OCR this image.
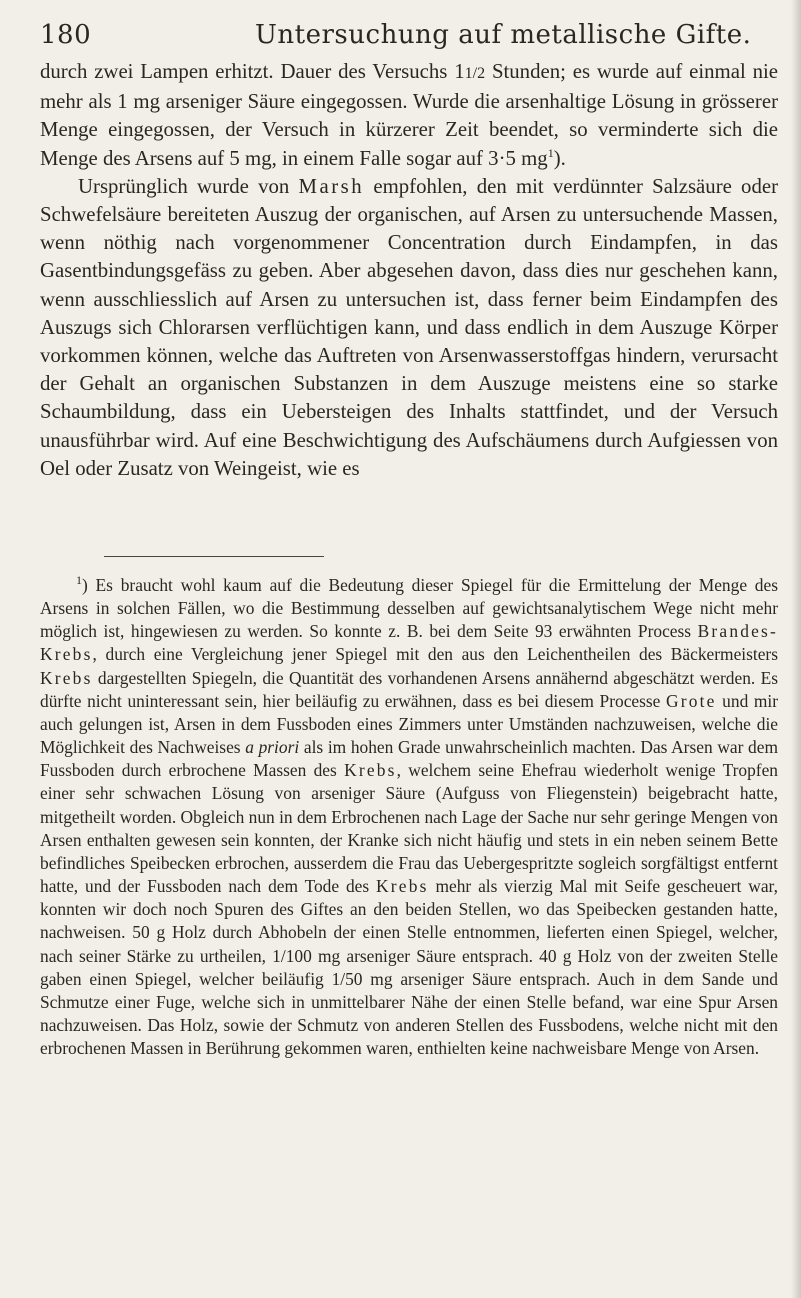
180	Untersuchung auf metallische Gifte.

durch zwei Lampen erhitzt. Dauer des Versuchs 11/2 Stunden; es wurde auf einmal nie mehr als 1 mg arseniger Säure eingegossen. Wurde die arsenhaltige Lösung in grösserer Menge eingegossen, der Versuch in kürzerer Zeit beendet, so verminderte sich die Menge des Arsens auf 5 mg, in einem Falle sogar auf 3·5 $mg^1$).

Ursprünglich wurde von Marsh empfohlen, den mit verdünnter Salzsäure oder Schwefelsäure bereiteten Auszug der organischen, auf Arsen zu untersuchende Massen, wenn nöthig nach vorgenommener Concentration durch Eindampfen, in das Gasentbindungsgefäss zu geben. Aber abgesehen davon, dass dies nur geschehen kann, wenn ausschliesslich auf Arsen zu untersuchen ist, dass ferner beim Eindampfen des Auszugs sich Chlorarsen verflüchtigen kann, und dass endlich in dem Auszuge Körper vorkommen können, welche das Auftreten von Arsenwasserstoffgas hindern, verursacht der Gehalt an organischen Substanzen in dem Auszuge meistens eine so starke Schaumbildung, dass ein Uebersteigen des Inhalts stattfindet, und der Versuch unausführbar wird. Auf eine Beschwichtigung des Aufschäumens durch Aufgiessen von Oel oder Zusatz von Weingeist, wie es

$^1$) Es braucht wohl kaum auf die Bedeutung dieser Spiegel für die Ermittelung der Menge des Arsens in solchen Fällen, wo die Bestimmung desselben auf gewichtsanalytischem Wege nicht mehr möglich ist, hingewiesen zu werden. So konnte z. B. bei dem Seite 93 erwähnten Process Brandes-Krebs, durch eine Vergleichung jener Spiegel mit den aus den Leichentheilen des Bäckermeisters Krebs dargestellten Spiegeln, die Quantität des vorhandenen Arsens annähernd abgeschätzt werden. Es dürfte nicht uninteressant sein, hier beiläufig zu erwähnen, dass es bei diesem Processe Grote und mir auch gelungen ist, Arsen in dem Fussboden eines Zimmers unter Umständen nachzuweisen, welche die Möglichkeit des Nachweises a priori als im hohen Grade unwahrscheinlich machten. Das Arsen war dem Fussboden durch erbrochene Massen des Krebs, welchem seine Ehefrau wiederholt wenige Tropfen einer sehr schwachen Lösung von arseniger Säure (Aufguss von Fliegenstein) beigebracht hatte, mitgetheilt worden. Obgleich nun in dem Erbrochenen nach Lage der Sache nur sehr geringe Mengen von Arsen enthalten gewesen sein konnten, der Kranke sich nicht häufig und stets in ein neben seinem Bette befindliches Speibecken erbrochen, ausserdem die Frau das Uebergespritzte sogleich sorgfältigst entfernt hatte, und der Fussboden nach dem Tode des Krebs mehr als vierzig Mal mit Seife gescheuert war, konnten wir doch noch Spuren des Giftes an den beiden Stellen, wo das Speibecken gestanden hatte, nachweisen. 50 g Holz durch Abhobeln der einen Stelle entnommen, lieferten einen Spiegel, welcher, nach seiner Stärke zu urtheilen, 1/100 mg arseniger Säure entsprach. 40 g Holz von der zweiten Stelle gaben einen Spiegel, welcher beiläufig 1/50 mg arseniger Säure entsprach. Auch in dem Sande und Schmutze einer Fuge, welche sich in unmittelbarer Nähe der einen Stelle befand, war eine Spur Arsen nachzuweisen. Das Holz, sowie der Schmutz von anderen Stellen des Fussbodens, welche nicht mit den erbrochenen Massen in Berührung gekommen waren, enthielten keine nachweisbare Menge von Arsen.
